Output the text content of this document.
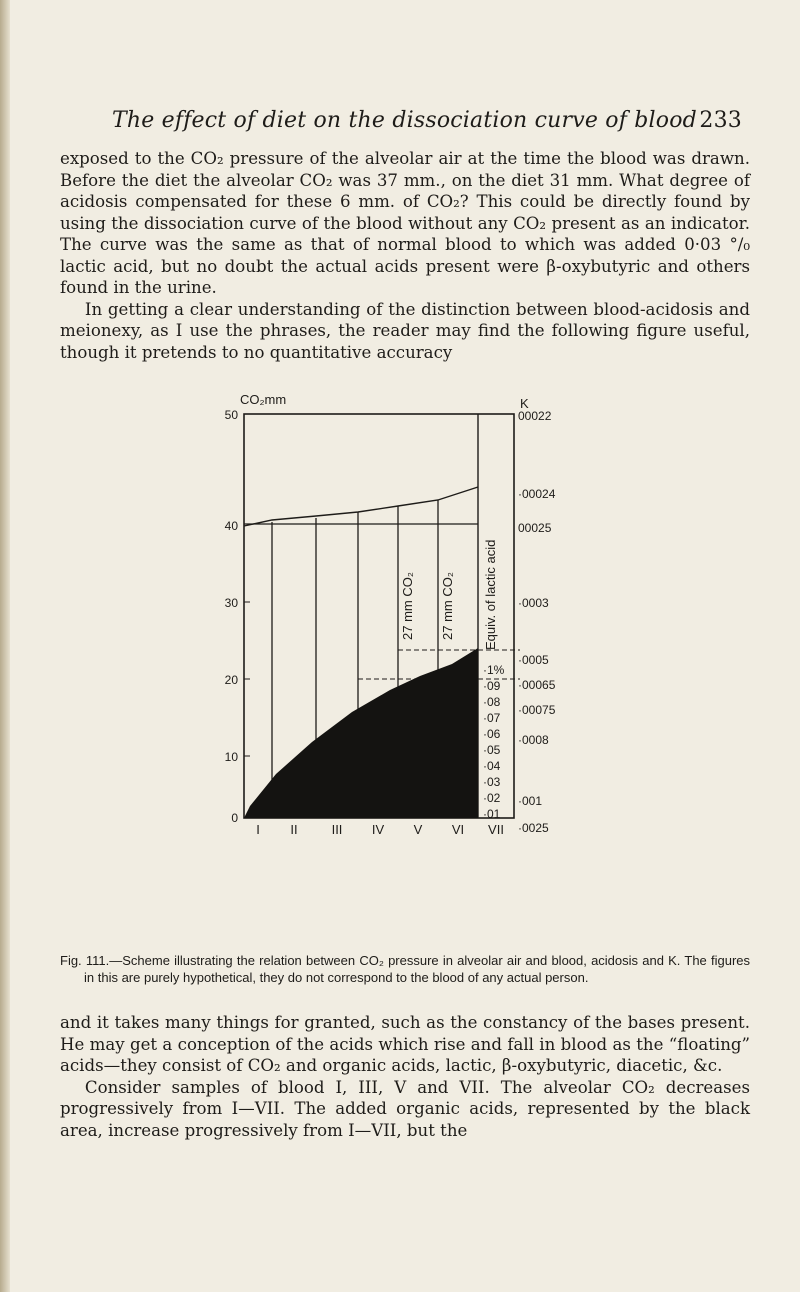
The effect of diet on the dissociation curve of blood 233

exposed to the CO₂ pressure of the alveolar air at the time the blood was drawn. Before the diet the alveolar CO₂ was 37 mm., on the diet 31 mm. What degree of acidosis compensated for these 6 mm. of CO₂? This could be directly found by using the dissociation curve of the blood without any CO₂ present as an indicator. The curve was the same as that of normal blood to which was added 0·03 °/₀ lactic acid, but no doubt the actual acids present were β-oxybutyric and others found in the urine.

In getting a clear understanding of the distinction between blood-acidosis and meionexy, as I use the phrases, the reader may find the following figure useful, though it pretends to no quantitative accuracy

CO₂mm
50
40
30
20
10
0
27 mm CO₂ 27 mm CO₂ Equiv. of lactic acid
·1%
·09
·08
·07
·06
·05
·04
·03
·02
·01
K
00022
·00024
00025
·0003
·0005
·00065
·00075
·0008
·001
·0025
I II	III IV V VI VII

Fig. 111.—Scheme illustrating the relation between CO₂ pressure in alveolar air and blood, acidosis and K. The figures in this are purely hypothetical, they do not correspond to the blood of any actual person.

and it takes many things for granted, such as the constancy of the bases present. He may get a conception of the acids which rise and fall in blood as the “floating” acids—they consist of CO₂ and organic acids, lactic, β-oxybutyric, diacetic, &c.

Consider samples of blood I, III, V and VII. The alveolar CO₂ decreases progressively from I—VII. The added organic acids, represented by the black area, increase progressively from I—VII, but the
